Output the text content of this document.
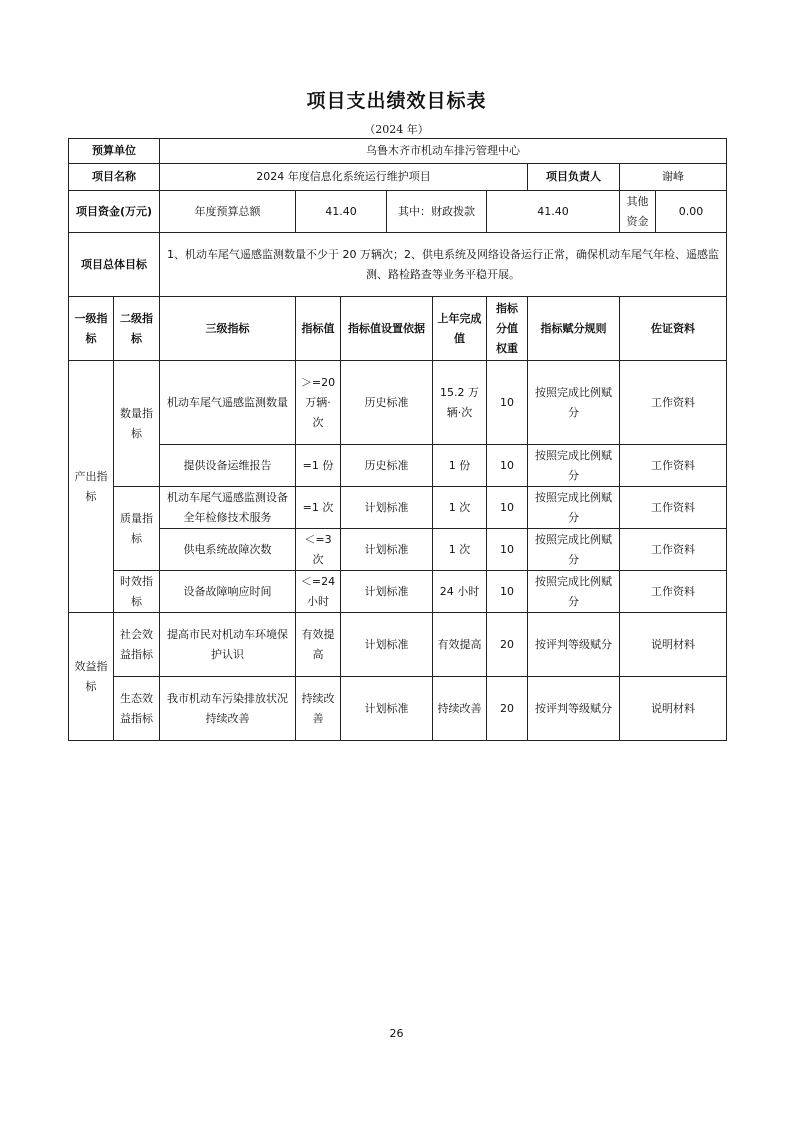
项目支出绩效目标表
（2024 年）
预算单位		乌鲁木齐市机动车排污管理中心								
项目名称		2024 年度信息化系统运行维护项目						项目负责人	谢峰	
项目资金(万元)		年度预算总额	41.40		其中：财政拨款		41.40		其他资金	0.00
项目总体目标		1、机动车尾气遥感监测数量不少于 20 万辆次；2、供电系统及网络设备运行正常，确保机动车尾气年检、遥感监测、路检路查等业务平稳开展。								
一级指标	二级指标	三级指标	指标值	指标值设置依据		上年完成值	指标分值权重	指标赋分规则	佐证资料	
产出指标	数量指标	机动车尾气遥感监测数量	＞=20 万辆·次	历史标准		15.2 万辆·次	10	按照完成比例赋分	工作资料	
		提供设备运维报告	=1 份	历史标准		1 份	10	按照完成比例赋分	工作资料	
	质量指标	机动车尾气遥感监测设备全年检修技术服务	=1 次	计划标准		1 次	10	按照完成比例赋分	工作资料	
		供电系统故障次数	＜=3 次	计划标准		1 次	10	按照完成比例赋分	工作资料	
	时效指标	设备故障响应时间	＜=24 小时	计划标准		24 小时	10	按照完成比例赋分	工作资料	
效益指标	社会效益指标	提高市民对机动车环境保护认识	有效提高	计划标准		有效提高	20	按评判等级赋分	说明材料	
	生态效益指标	我市机动车污染排放状况持续改善	持续改善	计划标准		持续改善	20	按评判等级赋分	说明材料	
26
